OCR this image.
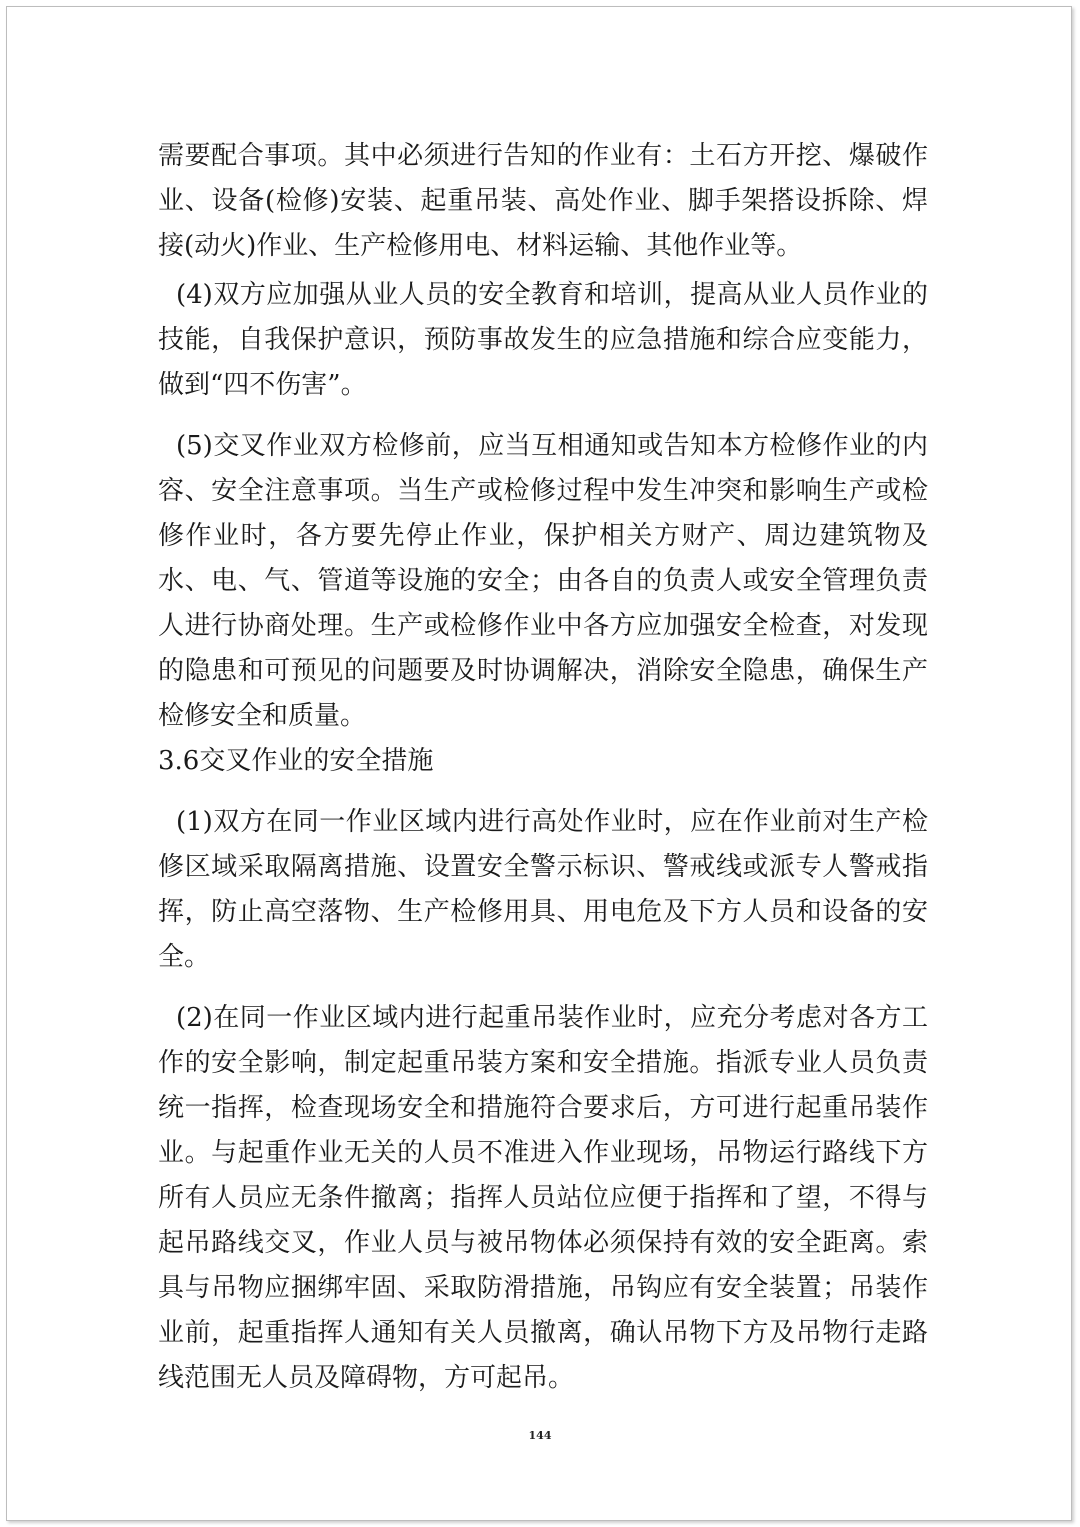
需要配合事项。其中必须进行告知的作业有：土石方开挖、爆破作业、设备(检修)安装、起重吊装、高处作业、脚手架搭设拆除、焊接(动火)作业、生产检修用电、材料运输、其他作业等。

(4)双方应加强从业人员的安全教育和培训，提高从业人员作业的技能，自我保护意识，预防事故发生的应急措施和综合应变能力，做到“四不伤害”。

(5)交叉作业双方检修前，应当互相通知或告知本方检修作业的内容、安全注意事项。当生产或检修过程中发生冲突和影响生产或检修作业时，各方要先停止作业，保护相关方财产、周边建筑物及水、电、气、管道等设施的安全；由各自的负责人或安全管理负责人进行协商处理。生产或检修作业中各方应加强安全检查，对发现的隐患和可预见的问题要及时协调解决，消除安全隐患，确保生产检修安全和质量。

3.6交叉作业的安全措施

(1)双方在同一作业区域内进行高处作业时，应在作业前对生产检修区域采取隔离措施、设置安全警示标识、警戒线或派专人警戒指挥，防止高空落物、生产检修用具、用电危及下方人员和设备的安全。

(2)在同一作业区域内进行起重吊装作业时，应充分考虑对各方工作的安全影响，制定起重吊装方案和安全措施。指派专业人员负责统一指挥，检查现场安全和措施符合要求后，方可进行起重吊装作业。与起重作业无关的人员不准进入作业现场，吊物运行路线下方所有人员应无条件撤离；指挥人员站位应便于指挥和了望，不得与起吊路线交叉，作业人员与被吊物体必须保持有效的安全距离。索具与吊物应捆绑牢固、采取防滑措施，吊钩应有安全装置；吊装作业前，起重指挥人通知有关人员撤离，确认吊物下方及吊物行走路线范围无人员及障碍物，方可起吊。

144
